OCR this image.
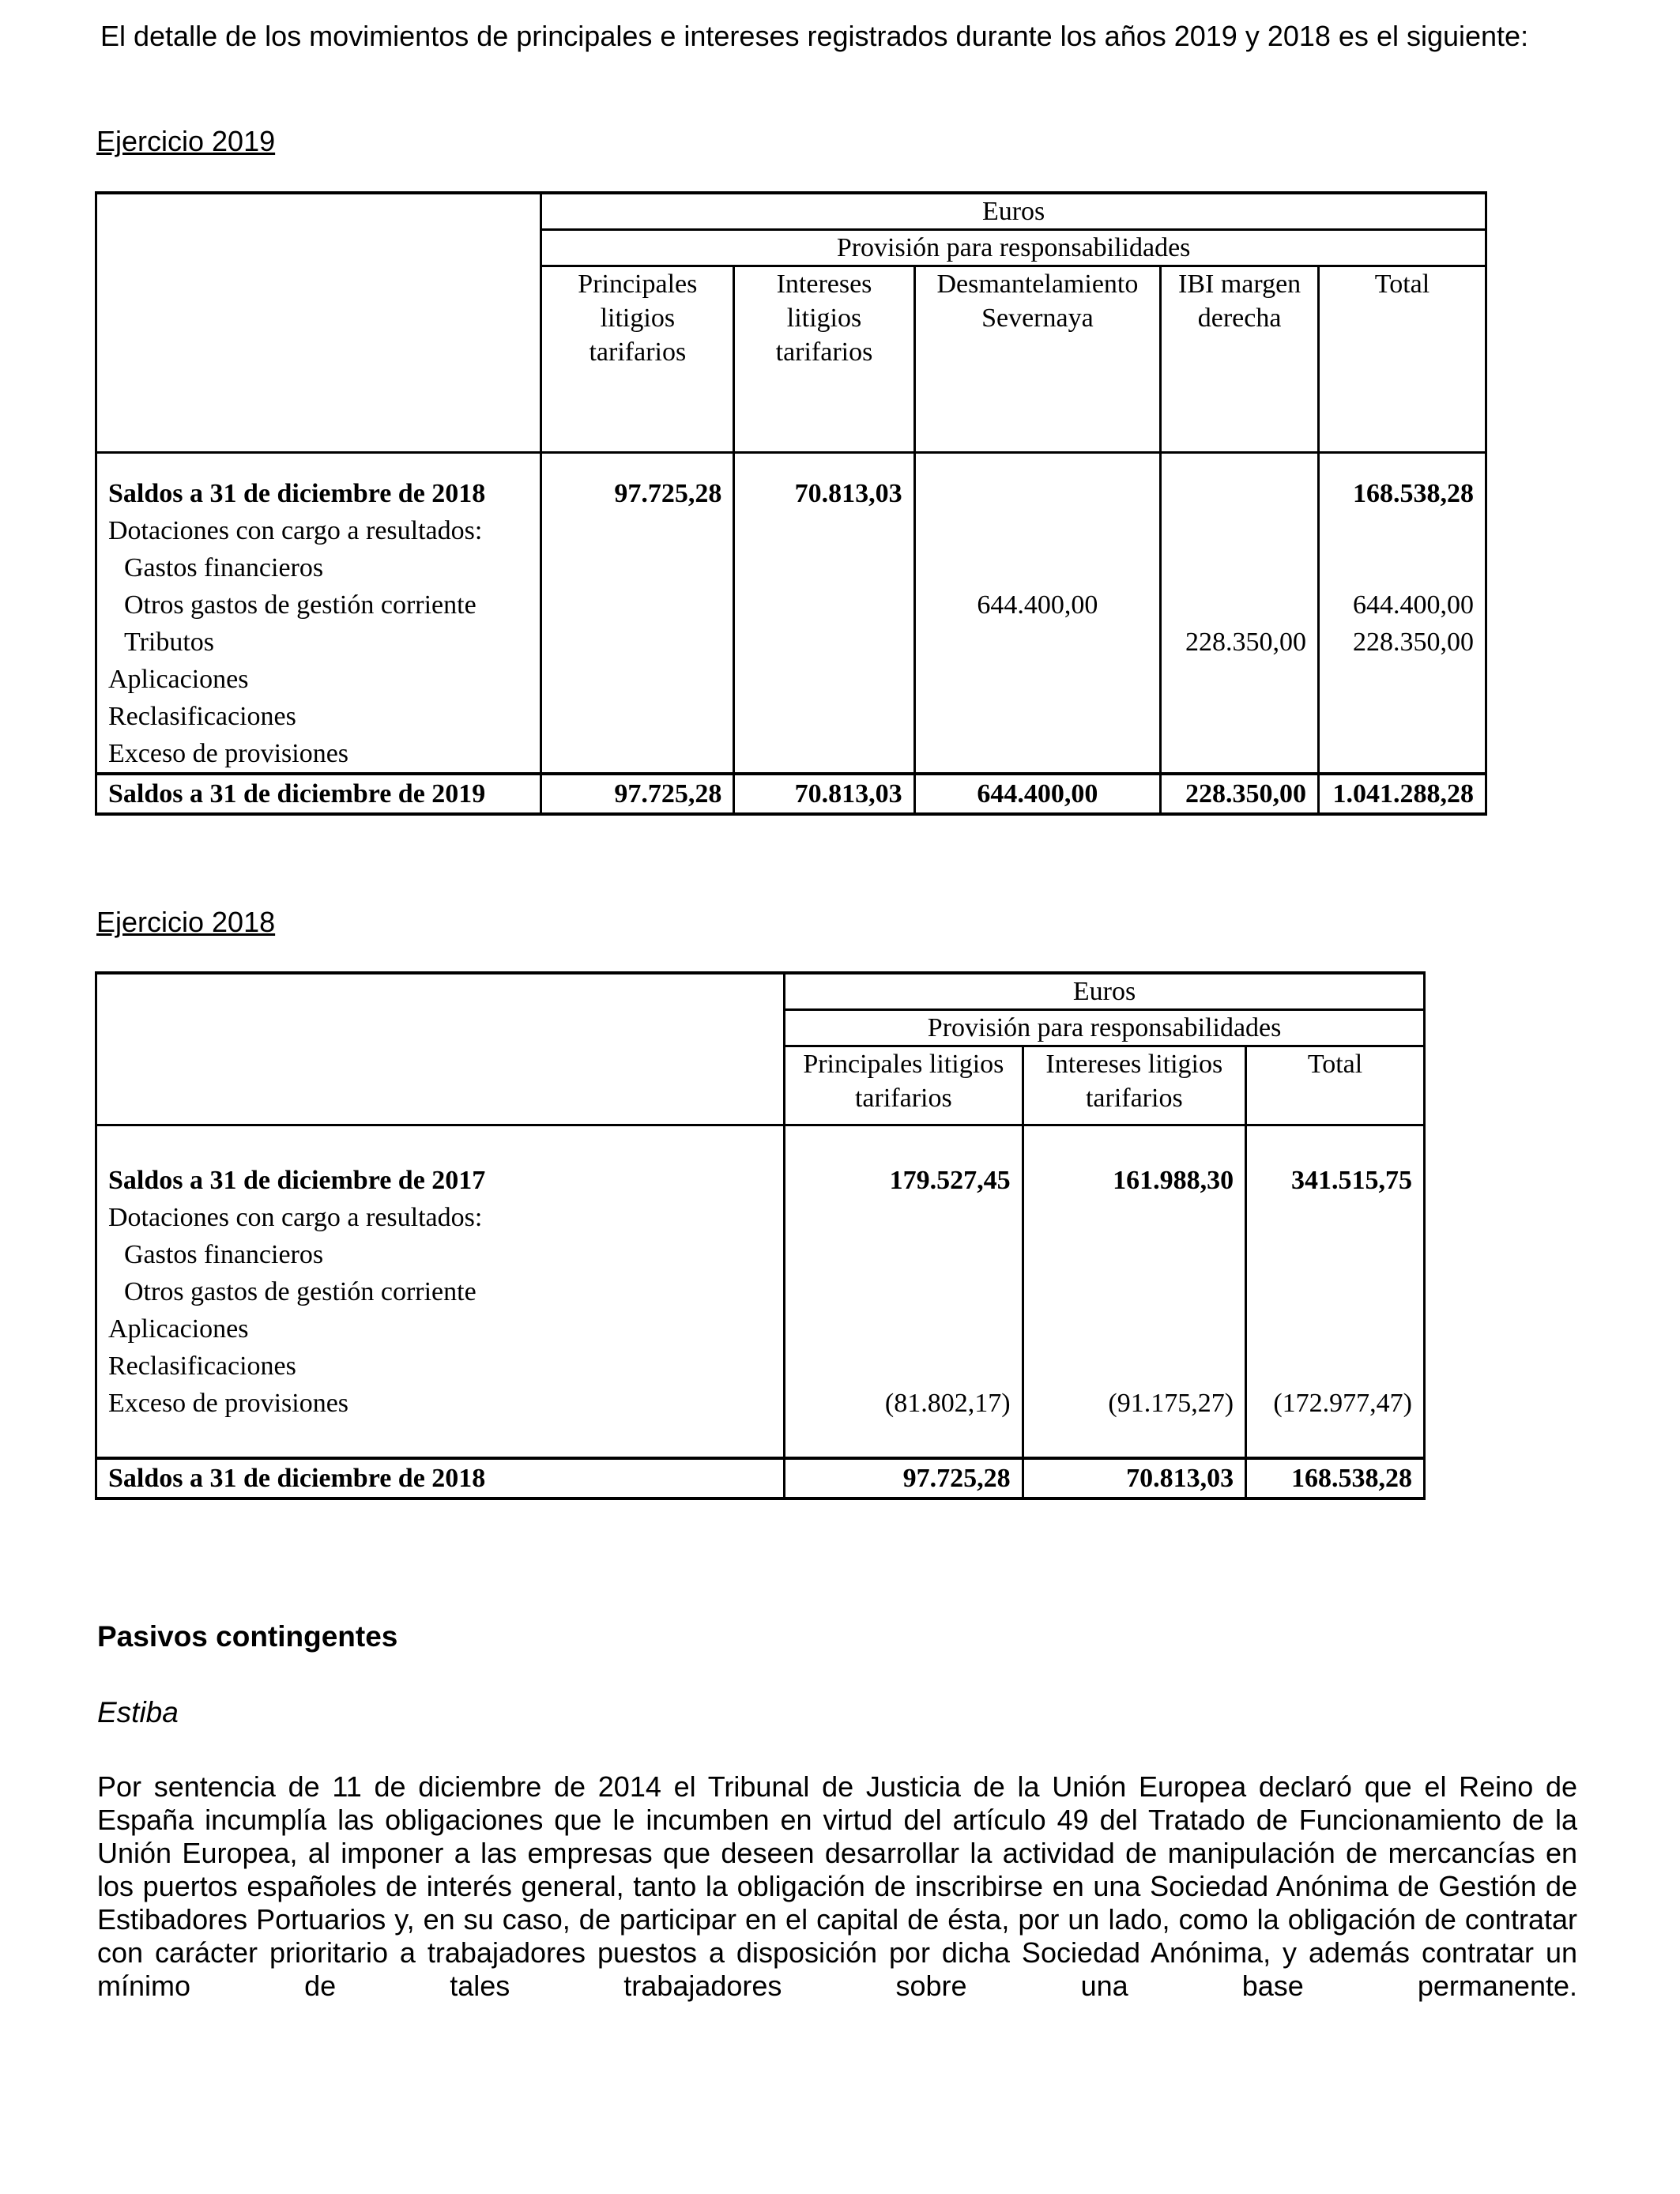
El detalle de los movimientos de principales e intereses registrados durante los años 2019 y 2018 es el siguiente:

Ejercicio 2019

	Euros				
	Provisión para responsabilidades				
	Principales litigios tarifarios	Intereses litigios tarifarios	Desmantelamiento Severnaya	IBI margen derecha	Total

Saldos a 31 de diciembre de 2018	97.725,28	70.813,03			168.538,28
Dotaciones con cargo a resultados:					
Gastos financieros					
Otros gastos de gestión corriente			644.400,00		644.400,00
Tributos				228.350,00	228.350,00
Aplicaciones					
Reclasificaciones					
Exceso de provisiones					
Saldos a 31 de diciembre de 2019	97.725,28	70.813,03	644.400,00	228.350,00	1.041.288,28

Ejercicio 2018

	Euros		
	Provisión para responsabilidades		
	Principales litigios tarifarios	Intereses litigios tarifarios	Total

Saldos a 31 de diciembre de 2017	179.527,45	161.988,30	341.515,75
Dotaciones con cargo a resultados:			
Gastos financieros			
Otros gastos de gestión corriente			
Aplicaciones			
Reclasificaciones			
Exceso de provisiones	(81.802,17)	(91.175,27)	(172.977,47)

Saldos a 31 de diciembre de 2018	97.725,28	70.813,03	168.538,28

Pasivos contingentes

Estiba

Por sentencia de 11 de diciembre de 2014 el Tribunal de Justicia de la Unión Europea declaró que el Reino de España incumplía las obligaciones que le incumben en virtud del artículo 49 del Tratado de Funcionamiento de la Unión Europea, al imponer a las empresas que deseen desarrollar la actividad de manipulación de mercancías en los puertos españoles de interés general, tanto la obligación de inscribirse en una Sociedad Anónima de Gestión de Estibadores Portuarios y, en su caso, de participar en el capital de ésta, por un lado, como la obligación de contratar con carácter prioritario a trabajadores puestos a disposición por dicha Sociedad Anónima, y además contratar un mínimo de tales trabajadores sobre una base permanente.
